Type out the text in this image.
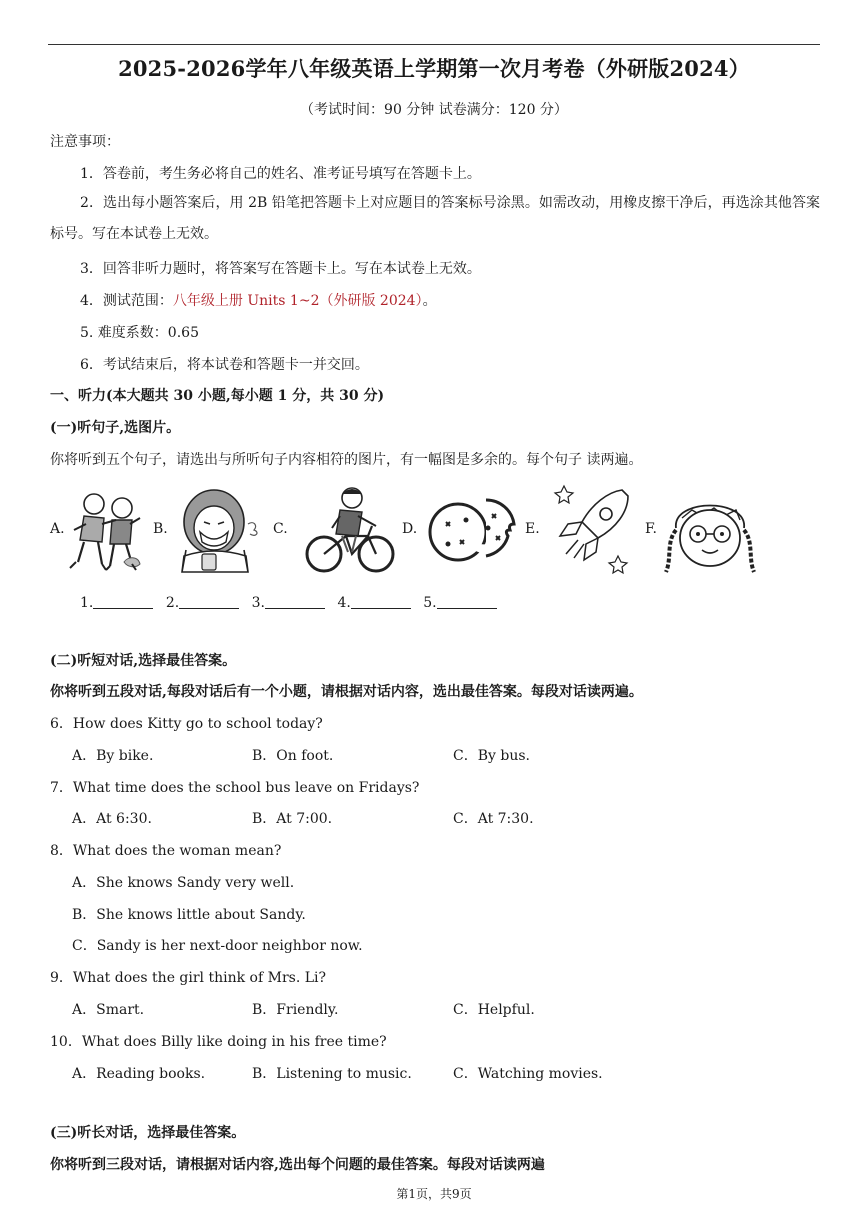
2025-2026学年八年级英语上学期第一次月考卷（外研版2024）
（考试时间：90 分钟 试卷满分：120 分）
注意事项：
1．答卷前，考生务必将自己的姓名、准考证号填写在答题卡上。
2．选出每小题答案后，用 2B 铅笔把答题卡上对应题目的答案标号涂黑。如需改动，用橡皮擦干净后，再选涂其他答案标号。写在本试卷上无效。
3．回答非听力题时，将答案写在答题卡上。写在本试卷上无效。
4．测试范围：八年级上册 Units 1~2（外研版 2024）。
5. 难度系数：0.65
6．考试结束后，将本试卷和答题卡一并交回。
一、听力(本大题共 30 小题,每小题 1 分，共 30 分)
(一)听句子,选图片。
你将听到五个句子，请选出与所听句子内容相符的图片，有一幅图是多余的。每个句子 读两遍。
A.	B.	C.	D.	E.	F.
1.	2.	3.	4.	5.
(二)听短对话,选择最佳答案。
你将听到五段对话,每段对话后有一个小题，请根据对话内容，选出最佳答案。每段对话读两遍。
6．How does Kitty go to school today?
A．By bike.	B．On foot.	C．By bus.
7．What time does the school bus leave on Fridays?
A．At 6:30.	B．At 7:00.	C．At 7:30.
8．What does the woman mean?
A．She knows Sandy very well.
B．She knows little about Sandy.
C．Sandy is her next-door neighbor now.
9．What does the girl think of Mrs. Li?
A．Smart.	B．Friendly.	C．Helpful.
10．What does Billy like doing in his free time?
A．Reading books.	B．Listening to music.	C．Watching movies.
(三)听长对话，选择最佳答案。
你将听到三段对话，请根据对话内容,选出每个问题的最佳答案。每段对话读两遍
第1页，共9页
